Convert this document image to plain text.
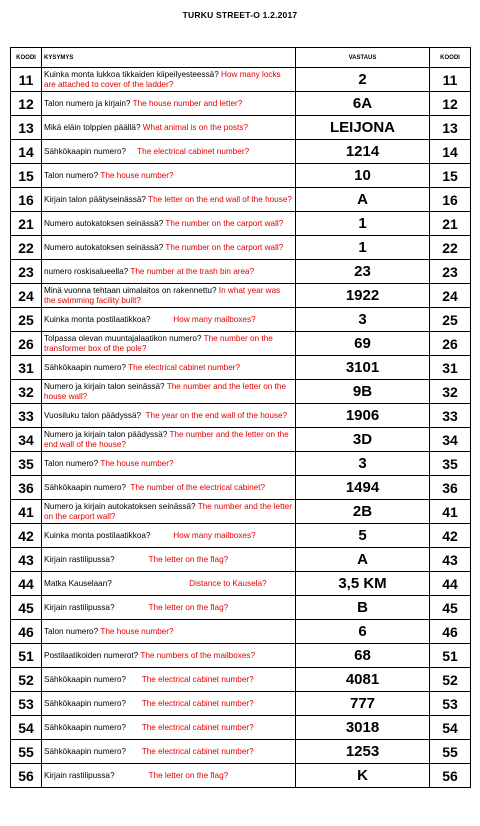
TURKU STREET-O 1.2.2017
KOODI	KYSYMYS	VASTAUS	KOODI
11	Kuinka monta lukkoa tikkaiden kiipeilyesteessä? How many locks are attached to cover of the ladder?	2	11
12	Talon numero ja kirjain? The house number and letter?	6A	12
13	Mikä eläin tolppien päällä? What animal is on the posts?	LEIJONA	13
14	Sähkökaapin numero? The electrical cabinet number?	1214	14
15	Talon numero? The house number?	10	15
16	Kirjain talon päätyseinässä? The letter on the end wall of the house?	A	16
21	Numero autokatoksen seinässä? The number on the carport wall?	1	21
22	Numero autokatoksen seinässä? The number on the carport wall?	1	22
23	numero roskisalueella? The number at the trash bin area?	23	23
24	Minä vuonna tehtaan uimalaitos on rakennettu? In what year was the swimming facility built?	1922	24
25	Kuinka monta postilaatikkoa? How many mailboxes?	3	25
26	Tolpassa olevan muuntajalaatikon numero? The number on the transformer box of the pole?	69	26
31	Sähkökaapin numero? The electrical cabinet number?	3101	31
32	Numero ja kirjain talon seinässä? The number and the letter on the house wall?	9B	32
33	Vuosiluku talon päädyssä? The year on the end wall of the house?	1906	33
34	Numero ja kirjain talon päädyssä? The number and the letter on the end wall of the house?	3D	34
35	Talon numero? The house number?	3	35
36	Sähkökaapin numero? The number of the electrical cabinet?	1494	36
41	Numero ja kirjain autokatoksen seinässä? The number and the letter on the carport wall?	2B	41
42	Kuinka monta postilaatikkoa? How many mailboxes?	5	42
43	Kirjain rastilipussa? The letter on the flag?	A	43
44	Matka Kauselaan? Distance to Kausela?	3,5 KM	44
45	Kirjain rastilipussa? The letter on the flag?	B	45
46	Talon numero? The house number?	6	46
51	Postilaatikoiden numerot? The numbers of the mailboxes?	68	51
52	Sähkökaapin numero? The electrical cabinet number?	4081	52
53	Sähkökaapin numero? The electrical cabinet number?	777	53
54	Sähkökaapin numero? The electrical cabinet number?	3018	54
55	Sähkökaapin numero? The electrical cabinet number?	1253	55
56	Kirjain rastilipussa? The letter on the flag?	K	56
